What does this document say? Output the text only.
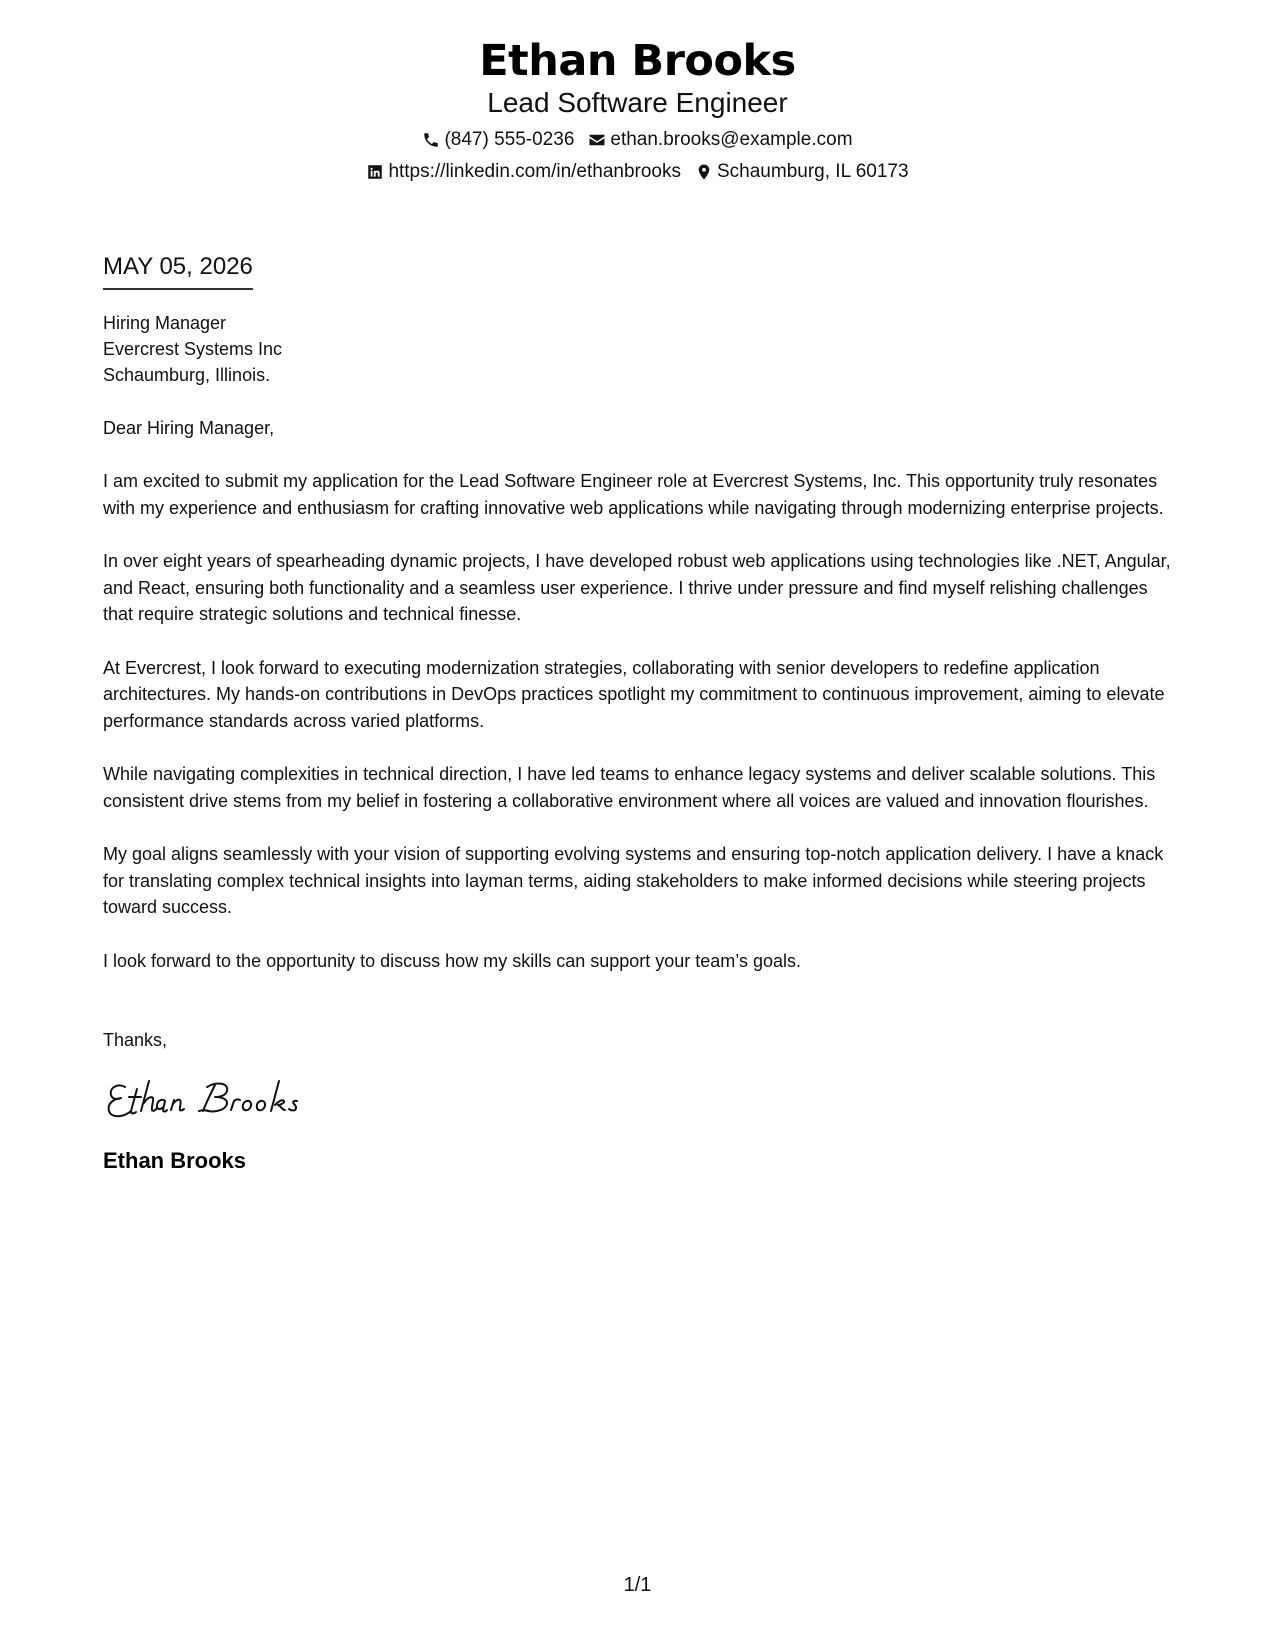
Ethan Brooks
Lead Software Engineer
(847) 555-0236 ethan.brooks@example.com
https://linkedin.com/in/ethanbrooks Schaumburg, IL 60173
MAY 05, 2026
Hiring Manager
Evercrest Systems Inc
Schaumburg, Illinois.
Dear Hiring Manager,
I am excited to submit my application for the Lead Software Engineer role at Evercrest Systems, Inc. This opportunity truly resonates with my experience and enthusiasm for crafting innovative web applications while navigating through modernizing enterprise projects.
In over eight years of spearheading dynamic projects, I have developed robust web applications using technologies like .NET, Angular, and React, ensuring both functionality and a seamless user experience. I thrive under pressure and find myself relishing challenges that require strategic solutions and technical finesse.
At Evercrest, I look forward to executing modernization strategies, collaborating with senior developers to redefine application architectures. My hands-on contributions in DevOps practices spotlight my commitment to continuous improvement, aiming to elevate performance standards across varied platforms.
While navigating complexities in technical direction, I have led teams to enhance legacy systems and deliver scalable solutions. This consistent drive stems from my belief in fostering a collaborative environment where all voices are valued and innovation flourishes.
My goal aligns seamlessly with your vision of supporting evolving systems and ensuring top-notch application delivery. I have a knack for translating complex technical insights into layman terms, aiding stakeholders to make informed decisions while steering projects toward success.
I look forward to the opportunity to discuss how my skills can support your team’s goals.
Thanks,
Ethan Brooks
1/1
